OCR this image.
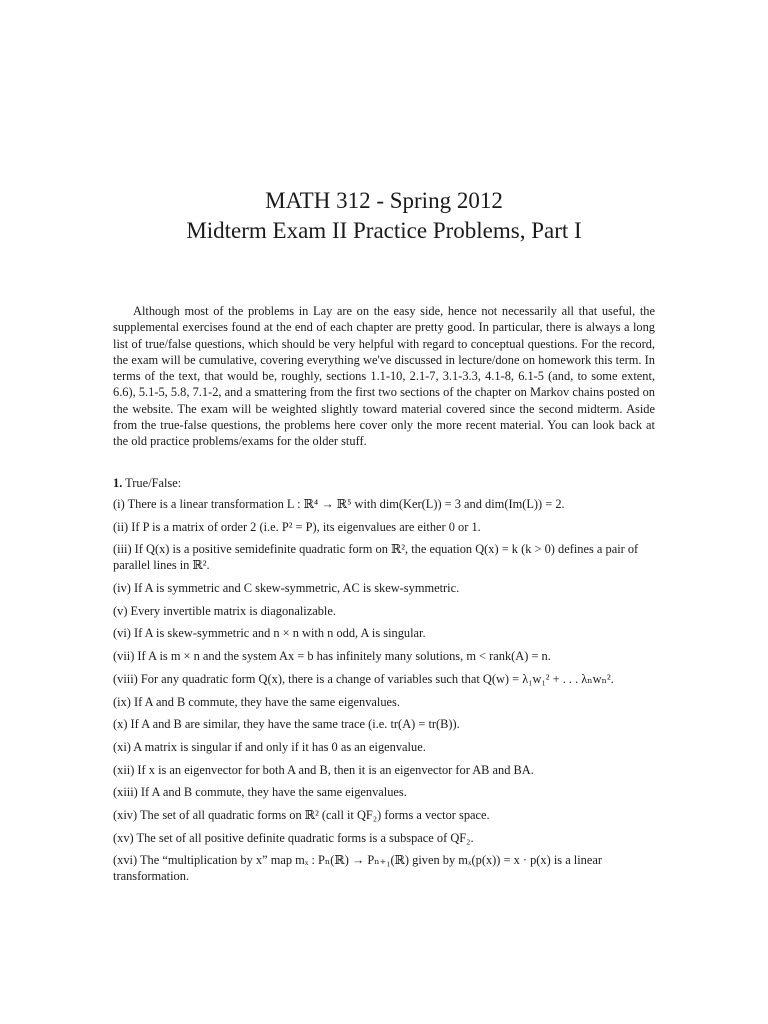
MATH 312 - Spring 2012
Midterm Exam II Practice Problems, Part I

Although most of the problems in Lay are on the easy side, hence not necessarily all that useful, the supplemental exercises found at the end of each chapter are pretty good. In particular, there is always a long list of true/false questions, which should be very helpful with regard to conceptual questions. For the record, the exam will be cumulative, covering everything we've discussed in lecture/done on homework this term. In terms of the text, that would be, roughly, sections 1.1-10, 2.1-7, 3.1-3.3, 4.1-8, 6.1-5 (and, to some extent, 6.6), 5.1-5, 5.8, 7.1-2, and a smattering from the first two sections of the chapter on Markov chains posted on the website. The exam will be weighted slightly toward material covered since the second midterm. Aside from the true-false questions, the problems here cover only the more recent material. You can look back at the old practice problems/exams for the older stuff.

1. True/False:
(i) There is a linear transformation L : ℝ⁴ → ℝ⁵ with dim(Ker(L)) = 3 and dim(Im(L)) = 2.
(ii) If P is a matrix of order 2 (i.e. P² = P), its eigenvalues are either 0 or 1.
(iii) If Q(x) is a positive semidefinite quadratic form on ℝ², the equation Q(x) = k (k > 0) defines a pair of parallel lines in ℝ².
(iv) If A is symmetric and C skew-symmetric, AC is skew-symmetric.
(v) Every invertible matrix is diagonalizable.
(vi) If A is skew-symmetric and n × n with n odd, A is singular.
(vii) If A is m × n and the system Ax = b has infinitely many solutions, m < rank(A) = n.
(viii) For any quadratic form Q(x), there is a change of variables such that Q(w) = λ₁w₁² + . . . λₙwₙ².
(ix) If A and B commute, they have the same eigenvalues.
(x) If A and B are similar, they have the same trace (i.e. tr(A) = tr(B)).
(xi) A matrix is singular if and only if it has 0 as an eigenvalue.
(xii) If x is an eigenvector for both A and B, then it is an eigenvector for AB and BA.
(xiii) If A and B commute, they have the same eigenvalues.
(xiv) The set of all quadratic forms on ℝ² (call it QF₂) forms a vector space.
(xv) The set of all positive definite quadratic forms is a subspace of QF₂.
(xvi) The “multiplication by x” map mₓ : Pₙ(ℝ) → Pₙ₊₁(ℝ) given by mₓ(p(x)) = x · p(x) is a linear transformation.
